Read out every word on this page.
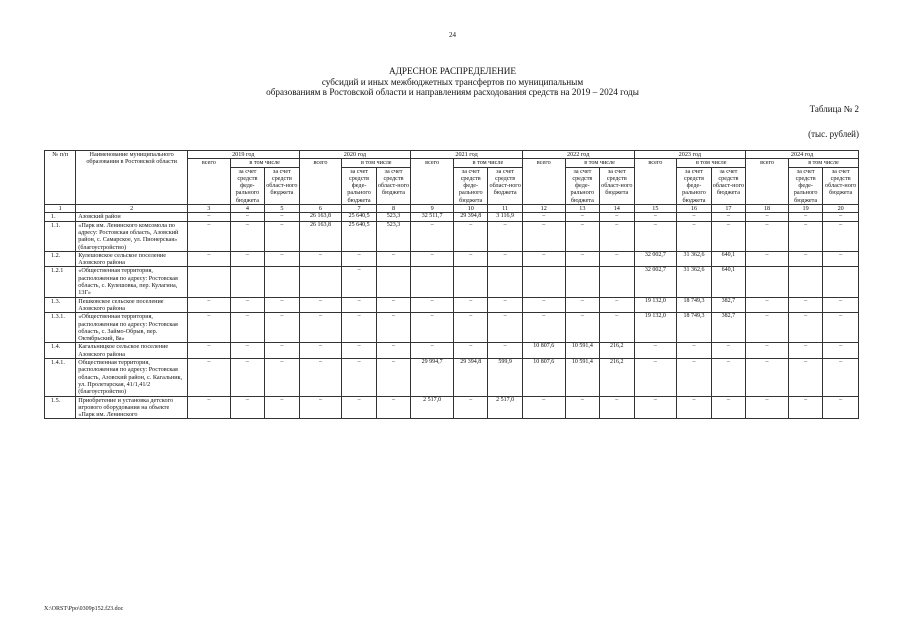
24
АДРЕСНОЕ РАСПРЕДЕЛЕНИЕ
субсидий и иных межбюджетных трансфертов по муниципальным
образованиям в Ростовской области и направлениям расходования средств на 2019 – 2024 годы
Таблица № 2
(тыс. рублей)
№ п/п	Наименование муниципального образования в Ростовской области	2019 год			2020 год			2021 год			2022 год			2023 год			2024 год		
		всего	в том числе		всего	в том числе		всего	в том числе		всего	в том числе		всего	в том числе		всего	в том числе	
			за счет средств феде-рального бюджета	за счет средств област-ного бюджета		за счет средств феде-рального бюджета	за счет средств област-ного бюджета		за счет средств феде-рального бюджета	за счет средств област-ного бюджета		за счет средств феде-рального бюджета	за счет средств област-ного бюджета		за счет средств феде-рального бюджета	за счет средств област-ного бюджета		за счет средств феде-рального бюджета	за счет средств област-ного бюджета
1	2	3	4	5	6	7	8	9	10	11	12	13	14	15	16	17	18	19	20
1.	Азовский район	–	–	–	26 163,8	25 640,5	523,3	32 511,7	29 394,8	3 116,9	–	–	–	–	–	–	–	–	–
1.1.	«Парк им. Ленинского комсомола по адресу: Ростовская область, Азовский район, с. Самарское, ул. Пионерская» (благоустройство)	–	–	–	26 163,8	25 640,5	523,3	–	–	–	–	–	–	–	–	–	–	–	–
1.2.	Кулешовское сельское поселение Азовского района	–	–	–	–	–	–	–	–	–	–	–	–	32 002,7	31 362,6	640,1	–	–	–
1.2.1	«Общественная территория, расположенная по адресу: Ростовская область, с. Кулешовка, пер. Кулагина, 13Г»					–								32 002,7	31 362,6	640,1			
1.3.	Пешковское сельское поселение Азовского района	–	–	–	–	–	–	–	–	–	–	–	–	19 132,0	18 749,3	382,7	–	–	–
1.3.1.	«Общественная территория, расположенная по адресу: Ростовская область, с. Займо-Обрыв, пер. Октябрьский, 8а»	–	–	–	–	–	–	–	–	–	–	–	–	19 132,0	18 749,3	382,7	–	–	–
1.4.	Кагальницкое сельское поселение Азовского района	–	–	–	–	–	–	–	–	–	10 807,6	10 591,4	216,2	–	–	–	–	–	–
1.4.1.	Общественная территория, расположенная по адресу: Ростовская область, Азовский район, с. Кагальник, ул. Пролетарская, 41/1,41/2 (благоустройство)	–	–	–	–	–	–	29 994,7	29 394,8	599,9	10 807,6	10 591,4	216,2	–	–	–	–	–	–
1.5.	Приобретение и установка детского игрового оборудования на объекте «Парк им. Ленинского	–	–	–	–	–	–	2 517,0	–	2 517,0	–	–	–	–	–	–	–	–	–
X:\ORST\Ppo\0309p152.f23.doc
